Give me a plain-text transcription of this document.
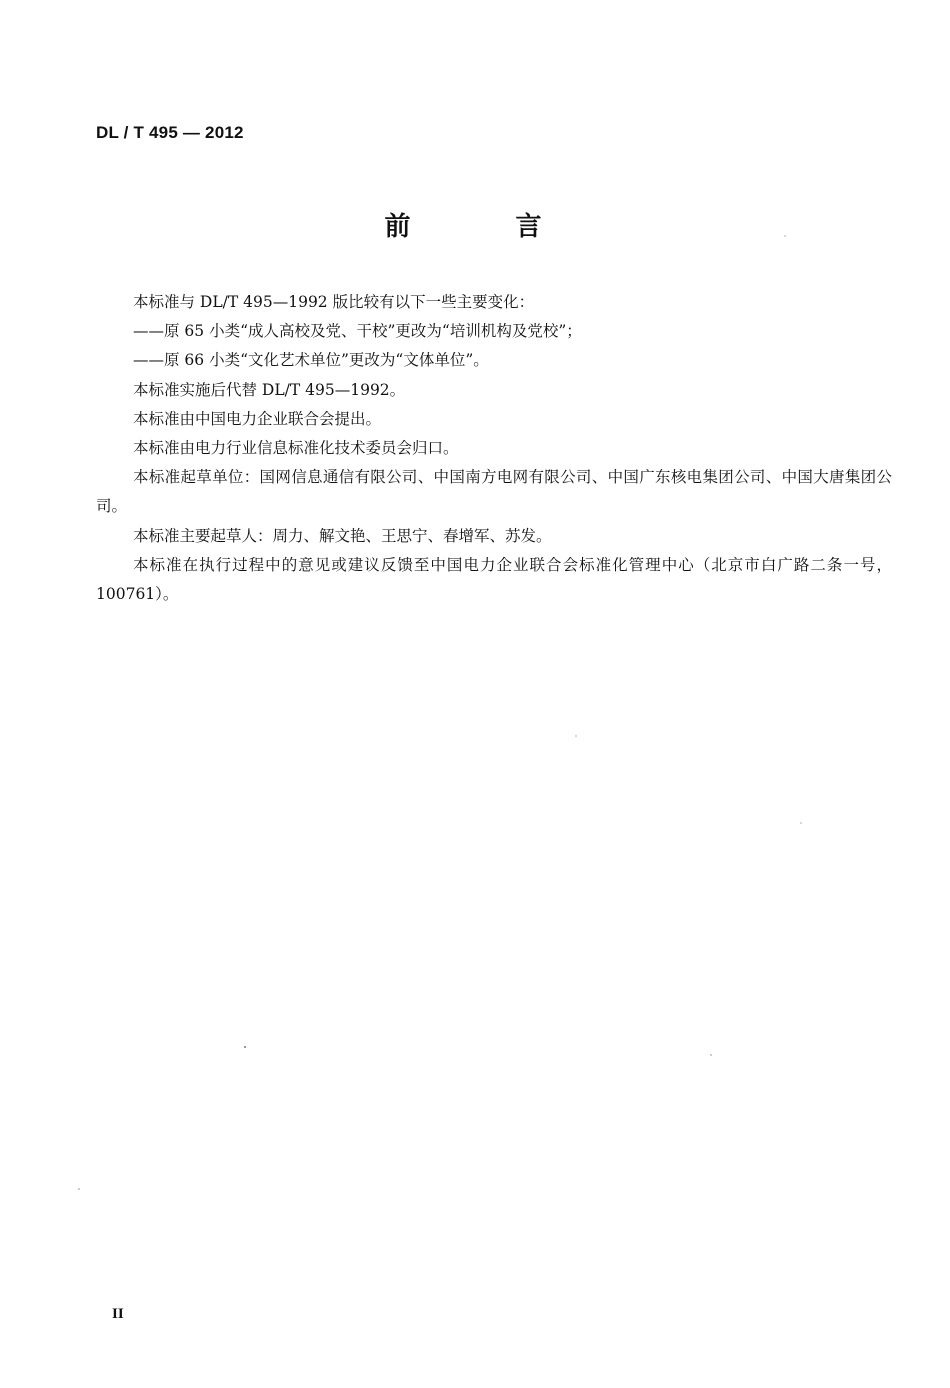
DL / T 495 — 2012
前 言

本标准与 DL/T 495—1992 版比较有以下一些主要变化：

——原 65 小类“成人高校及党、干校”更改为“培训机构及党校”；

——原 66 小类“文化艺术单位”更改为“文体单位”。

本标准实施后代替 DL/T 495—1992。

本标准由中国电力企业联合会提出。

本标准由电力行业信息标准化技术委员会归口。

本标准起草单位：国网信息通信有限公司、中国南方电网有限公司、中国广东核电集团公司、中国大唐集团公司。

本标准主要起草人：周力、解文艳、王思宁、春增军、苏发。

本标准在执行过程中的意见或建议反馈至中国电力企业联合会标准化管理中心（北京市白广路二条一号，100761）。

II
